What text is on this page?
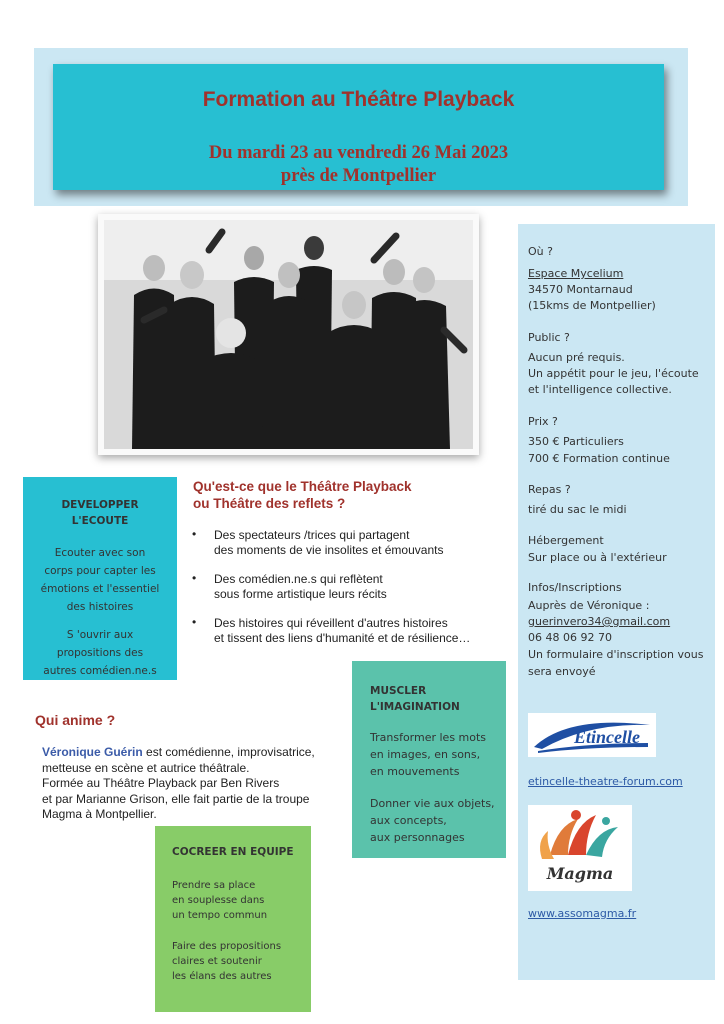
Formation au Théâtre Playback
Du mardi 23 au vendredi 26 Mai 2023
près de Montpellier
Où ?
Espace Mycelium
34570 Montarnaud
(15kms de Montpellier)
Public ?
Aucun pré requis.
Un appétit pour le jeu, l'écoute
et l'intelligence collective.
Prix ?
350 € Particuliers
700 € Formation continue
Repas ?
tiré du sac le midi
Hébergement
Sur place ou à l'extérieur
Infos/Inscriptions
Auprès de Véronique :
guerinvero34@gmail.com
06 48 06 92 70
Un formulaire d'inscription vous
sera envoyé
etincelle-theatre-forum.com
www.assomagma.fr
Etincelle
Magma
DEVELOPPER
L'ECOUTE
Ecouter avec son
corps pour capter les
émotions et l'essentiel
des histoires
S 'ouvrir aux
propositions des
autres comédien.ne.s
Qu'est-ce que le Théâtre Playback
ou Théâtre des reflets ?
• Des spectateurs /trices qui partagent
des moments de vie insolites et émouvants
• Des comédien.ne.s qui reflètent
sous forme artistique leurs récits
• Des histoires qui réveillent d'autres histoires
et tissent des liens d'humanité et de résilience…
MUSCLER
L'IMAGINATION
Transformer les mots
en images, en sons,
en mouvements
Donner vie aux objets,
aux concepts,
aux personnages
Qui anime ?
Véronique Guérin est comédienne, improvisatrice,
metteuse en scène et autrice théâtrale.
Formée au Théâtre Playback par Ben Rivers
et par Marianne Grison, elle fait partie de la troupe
Magma à Montpellier.
COCREER EN EQUIPE
Prendre sa place
en souplesse dans
un tempo commun
Faire des propositions
claires et soutenir
les élans des autres
